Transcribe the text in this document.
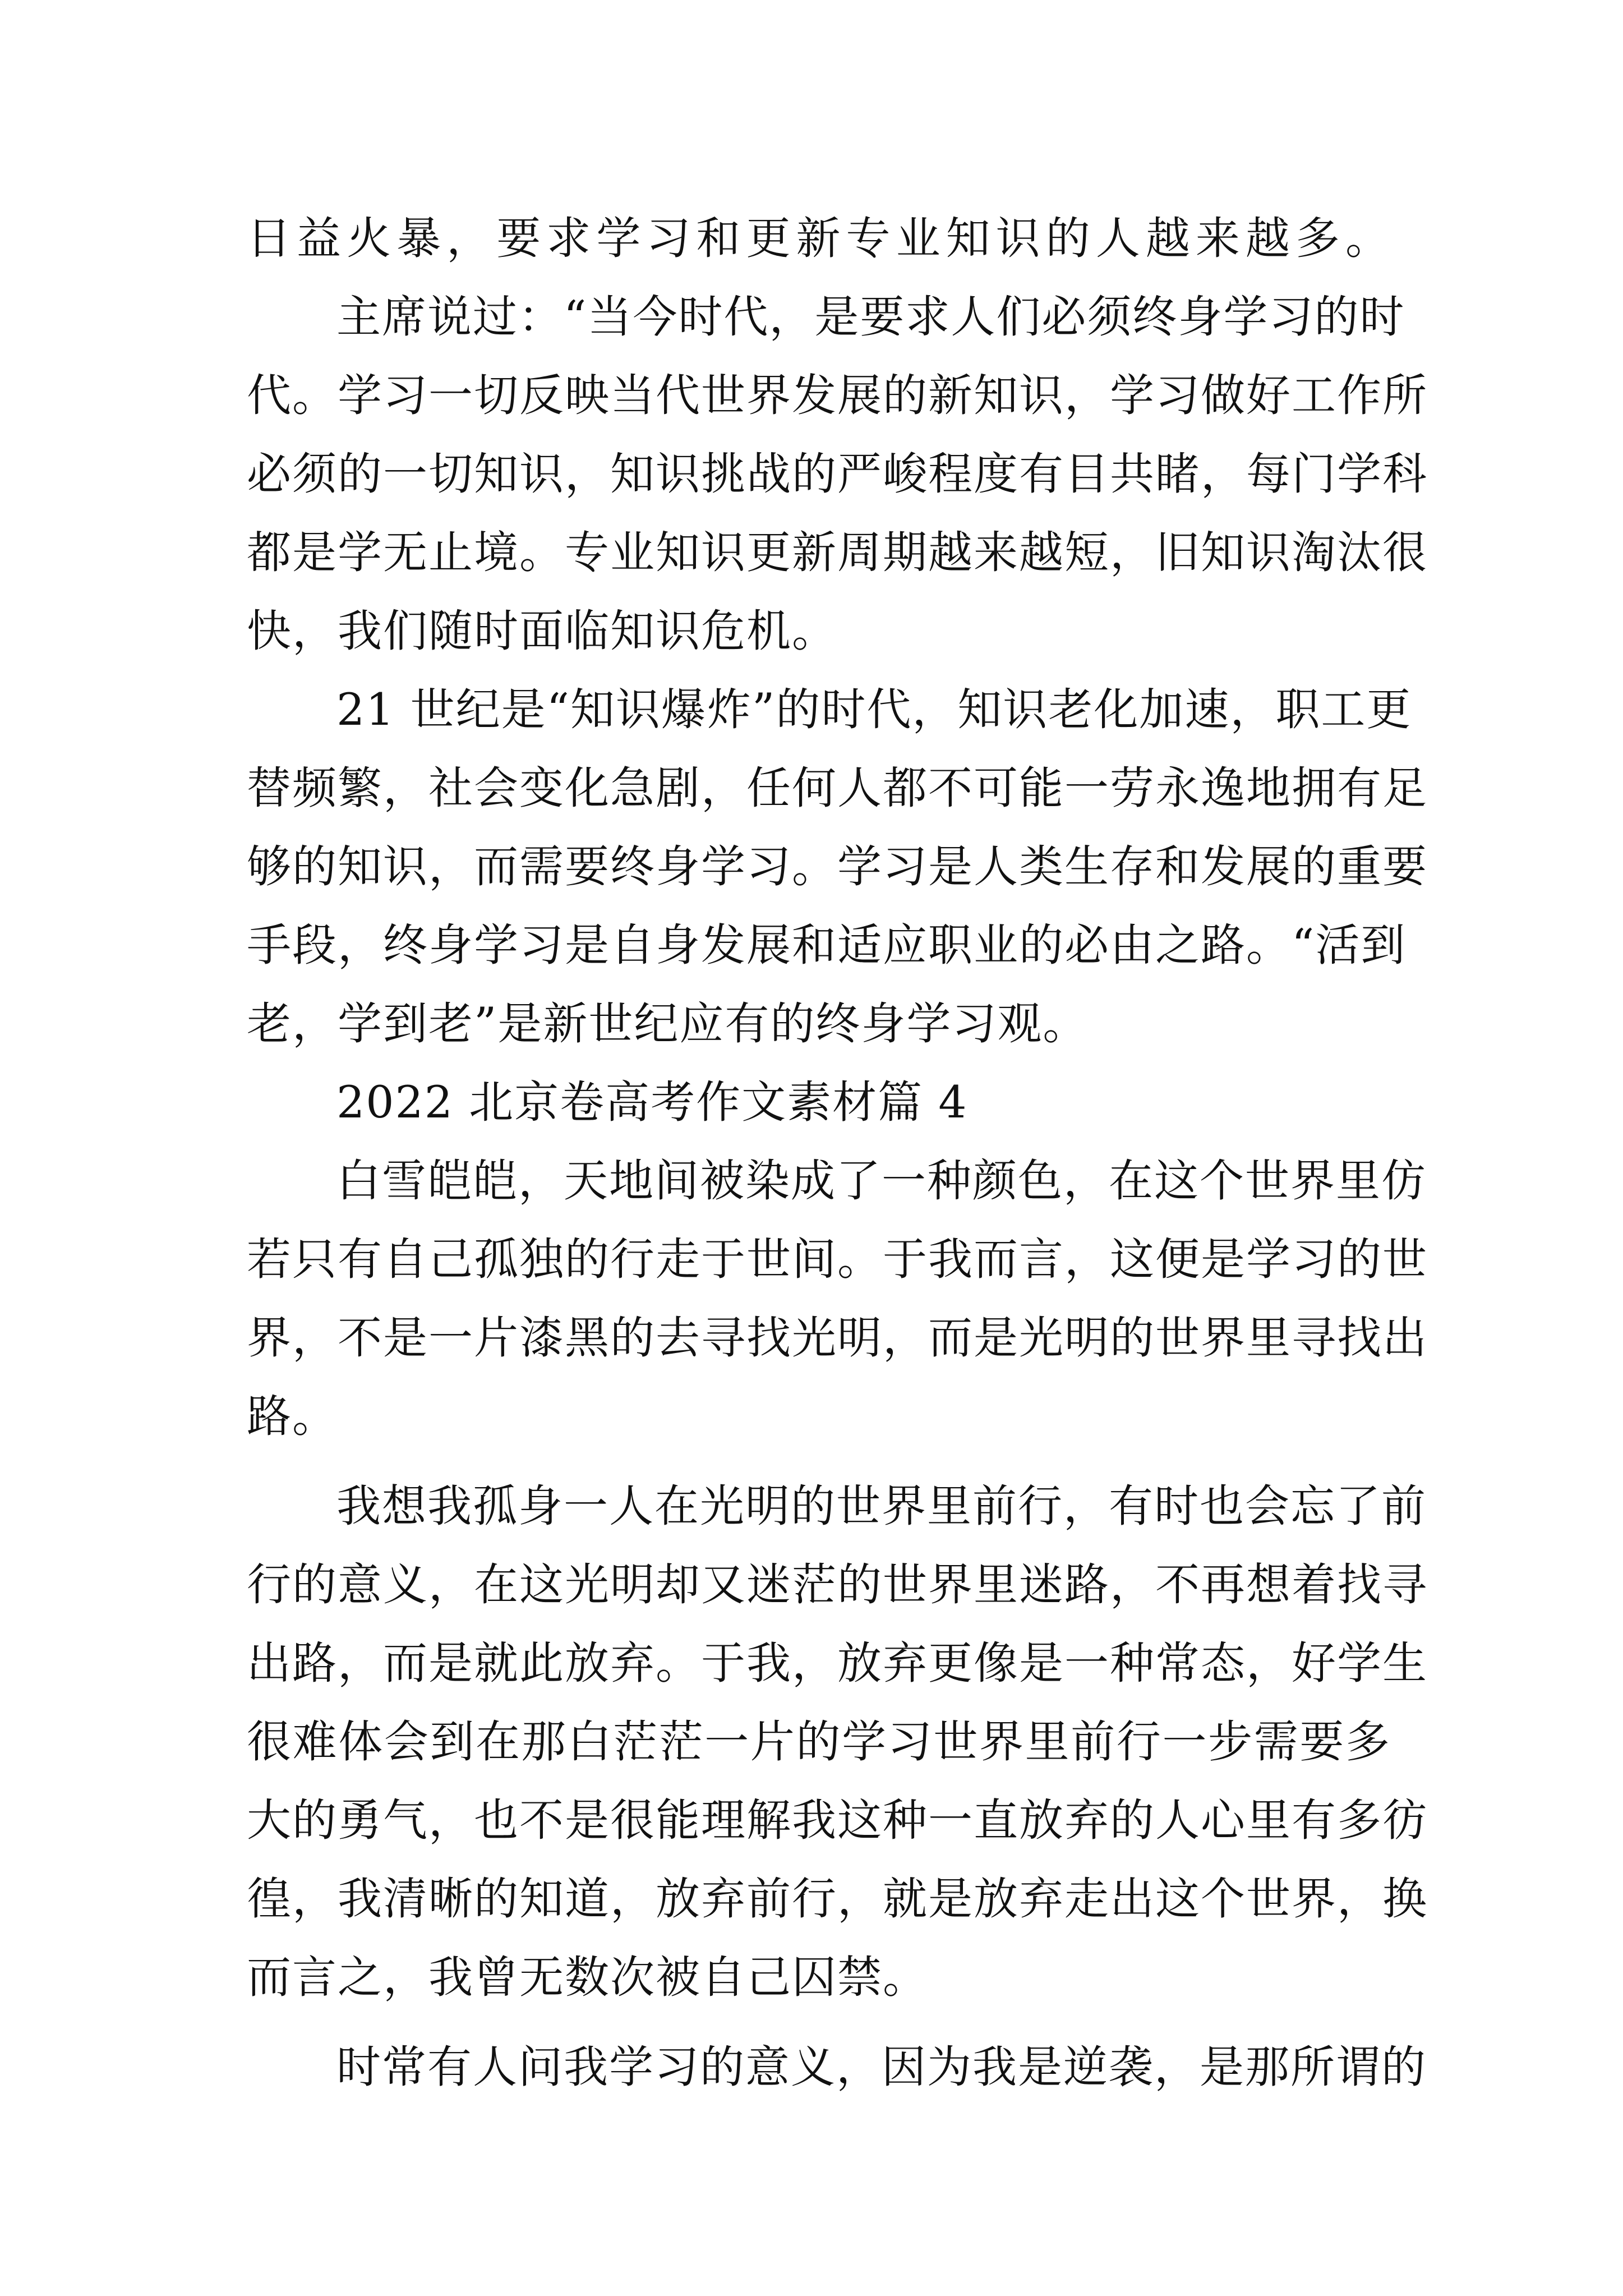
日益火暴，要求学习和更新专业知识的人越来越多。
主席说过：“当今时代，是要求人们必须终身学习的时
代。学习一切反映当代世界发展的新知识，学习做好工作所
必须的一切知识，知识挑战的严峻程度有目共睹，每门学科
都是学无止境。专业知识更新周期越来越短，旧知识淘汰很
快，我们随时面临知识危机。
21 世纪是“知识爆炸”的时代，知识老化加速，职工更
替频繁，社会变化急剧，任何人都不可能一劳永逸地拥有足
够的知识，而需要终身学习。学习是人类生存和发展的重要
手段，终身学习是自身发展和适应职业的必由之路。“活到
老，学到老”是新世纪应有的终身学习观。
2022 北京卷高考作文素材篇 4
白雪皑皑，天地间被染成了一种颜色，在这个世界里仿
若只有自己孤独的行走于世间。于我而言，这便是学习的世
界，不是一片漆黑的去寻找光明，而是光明的世界里寻找出
路。
我想我孤身一人在光明的世界里前行，有时也会忘了前
行的意义，在这光明却又迷茫的世界里迷路，不再想着找寻
出路，而是就此放弃。于我，放弃更像是一种常态，好学生
很难体会到在那白茫茫一片的学习世界里前行一步需要多
大的勇气，也不是很能理解我这种一直放弃的人心里有多彷
徨，我清晰的知道，放弃前行，就是放弃走出这个世界，换
而言之，我曾无数次被自己囚禁。
时常有人问我学习的意义，因为我是逆袭，是那所谓的
